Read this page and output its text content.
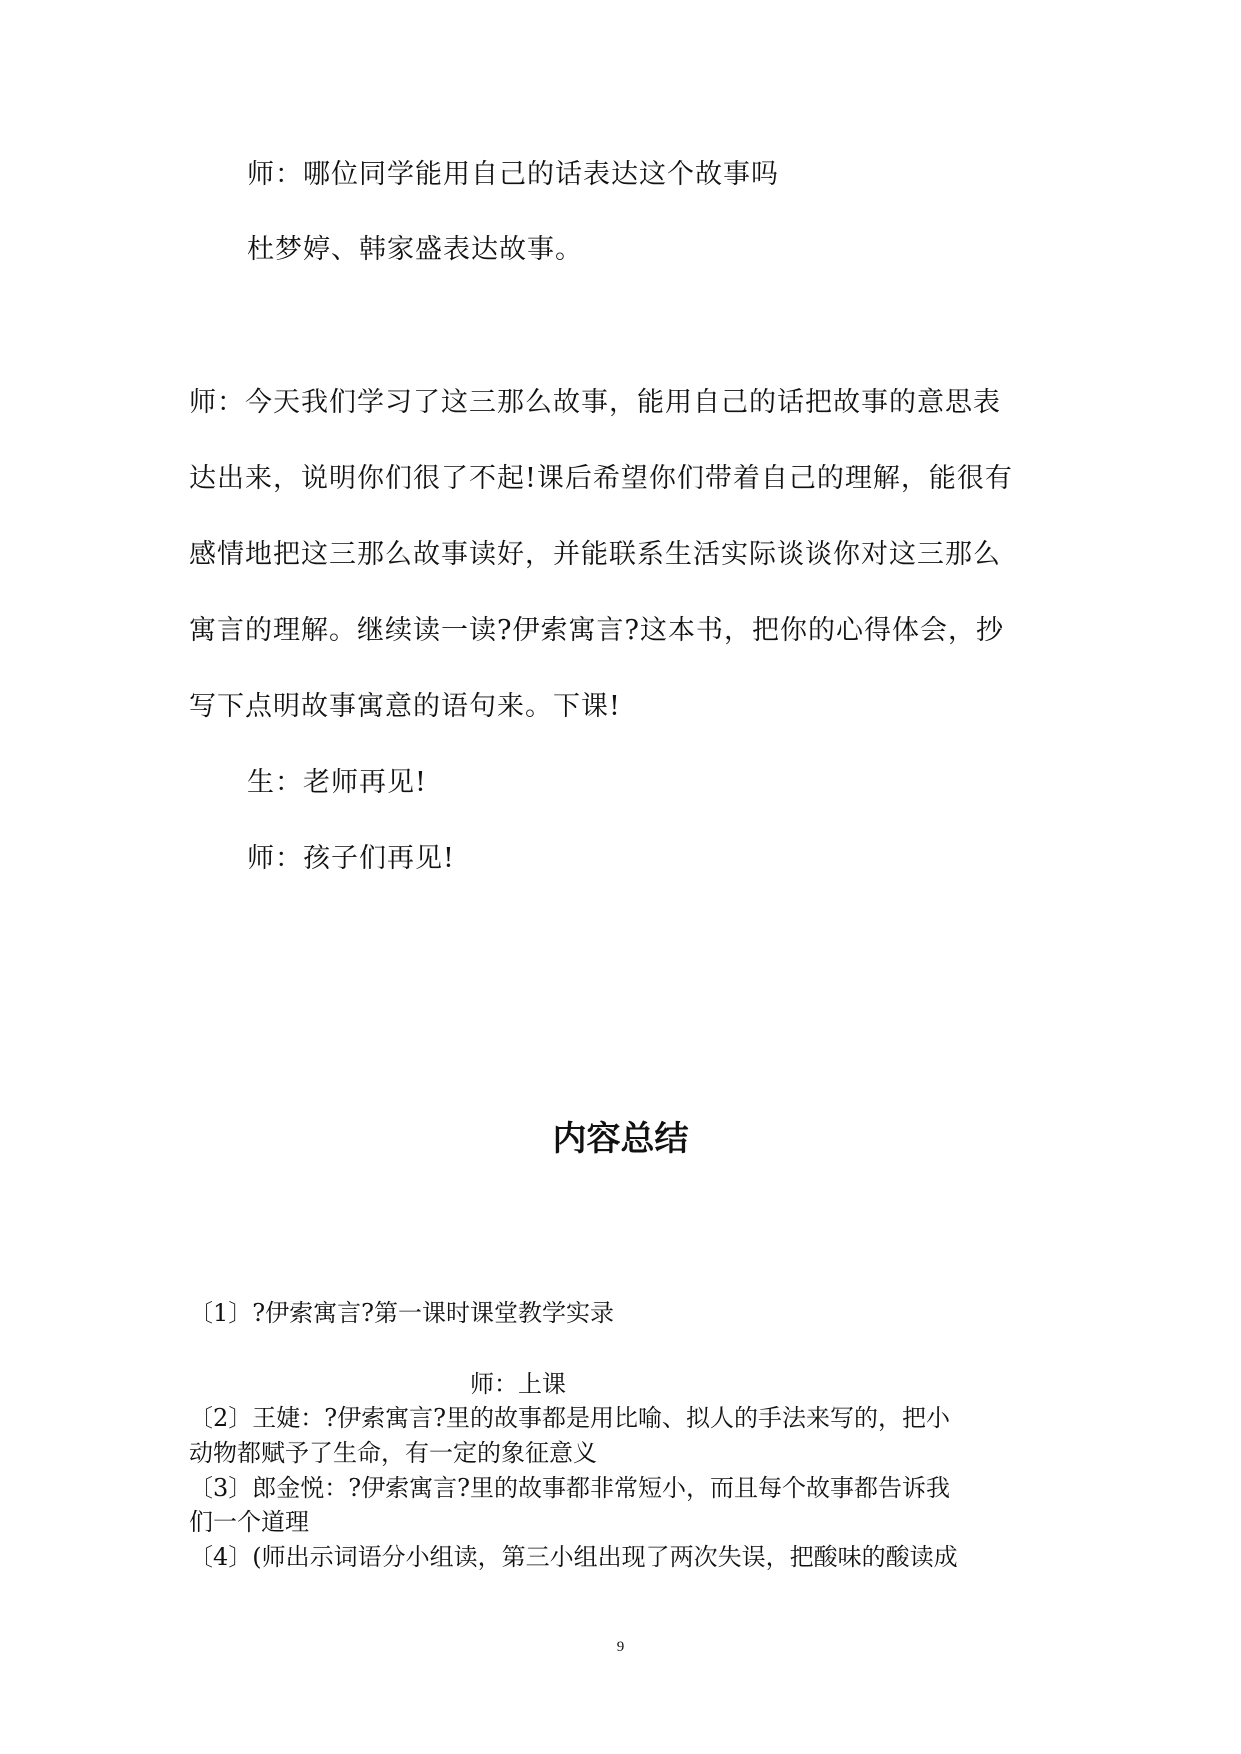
师：哪位同学能用自己的话表达这个故事吗
杜梦婷、韩家盛表达故事。
师：今天我们学习了这三那么故事，能用自己的话把故事的意思表
达出来，说明你们很了不起!课后希望你们带着自己的理解，能很有
感情地把这三那么故事读好，并能联系生活实际谈谈你对这三那么
寓言的理解。继续读一读?伊索寓言?这本书，把你的心得体会，抄
写下点明故事寓意的语句来。下课!
生：老师再见!
师：孩子们再见!
内容总结
〔1〕?伊索寓言?第一课时课堂教学实录
师：上课
〔2〕王婕：?伊索寓言?里的故事都是用比喻、拟人的手法来写的，把小
动物都赋予了生命，有一定的象征意义
〔3〕郎金悦：?伊索寓言?里的故事都非常短小，而且每个故事都告诉我
们一个道理
〔4〕(师出示词语分小组读，第三小组出现了两次失误，把酸味的酸读成
9
